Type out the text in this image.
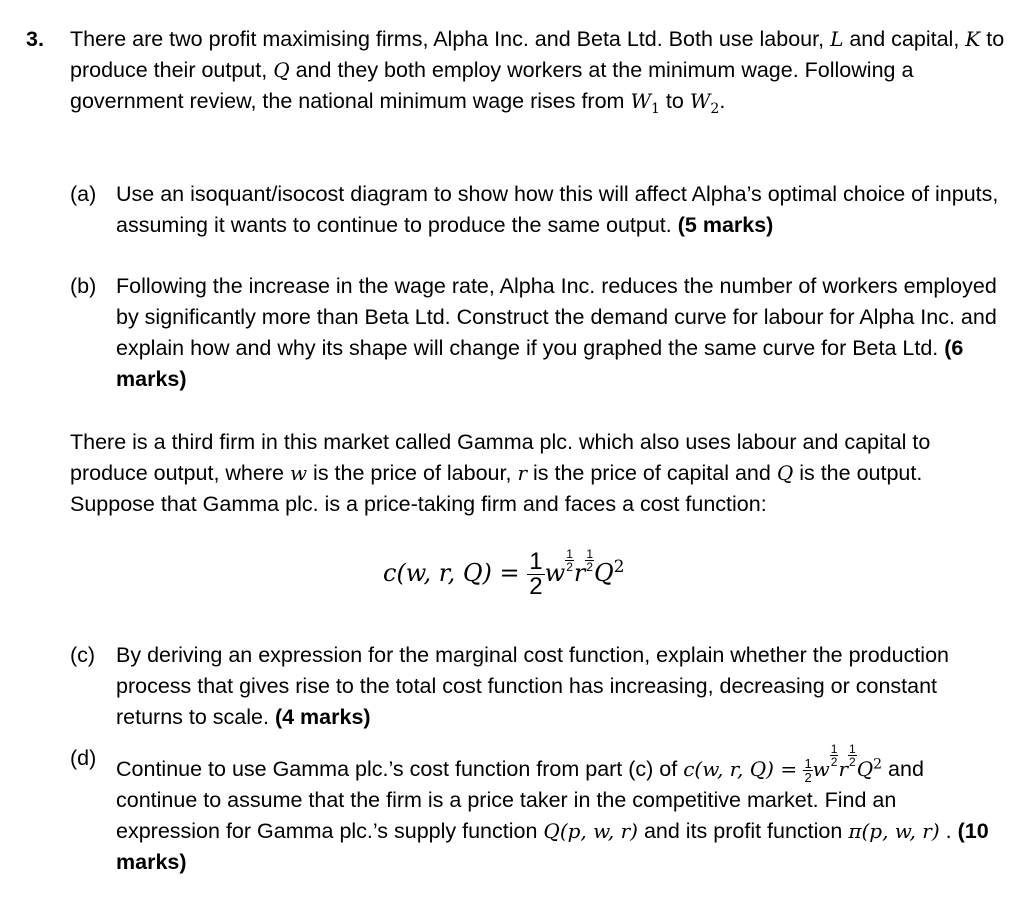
3. There are two profit maximising firms, Alpha Inc. and Beta Ltd. Both use labour, L and capital, K to produce their output, Q and they both employ workers at the minimum wage. Following a government review, the national minimum wage rises from $W_1$ to $W_2$.
(a) Use an isoquant/isocost diagram to show how this will affect Alpha’s optimal choice of inputs, assuming it wants to continue to produce the same output. (5 marks)
(b) Following the increase in the wage rate, Alpha Inc. reduces the number of workers employed by significantly more than Beta Ltd. Construct the demand curve for labour for Alpha Inc. and explain how and why its shape will change if you graphed the same curve for Beta Ltd. (6 marks)
There is a third firm in this market called Gamma plc. which also uses labour and capital to produce output, where w is the price of labour, r is the price of capital and Q is the output. Suppose that Gamma plc. is a price-taking firm and faces a cost function:
c(w, r, $Q) = \frac{1}{2}$ w $\frac{1}{2}$ r $\frac{1}{2} Q^2$
(c) By deriving an expression for the marginal cost function, explain whether the production process that gives rise to the total cost function has increasing, decreasing or constant returns to scale. (4 marks)
(d) Continue to use Gamma plc.’s cost function from part (c) of c(w, r, $Q) = \frac{1}{2}$ w
$\frac{1}{2}$
r
$\frac{1}{2}$
$Q^2$ and continue to assume that the firm is a price taker in the competitive market. Find an expression for Gamma plc.’s supply function Q(p, w, r) and its profit function π(p, w, r) . (10 marks)
